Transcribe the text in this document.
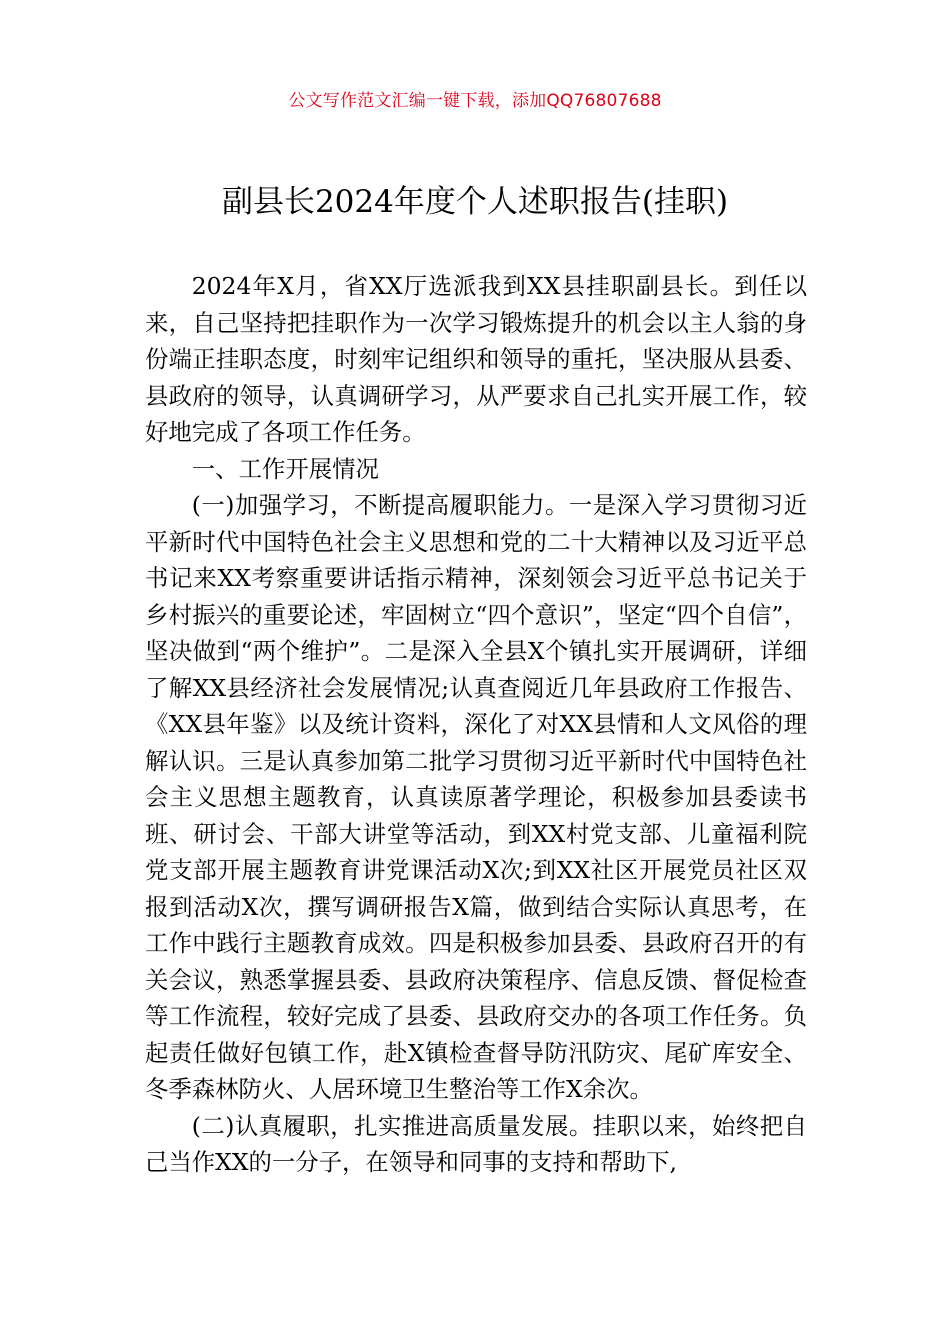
公文写作范文汇编一键下载，添加QQ76807688
副县长2024年度个人述职报告(挂职)

2024年X月，省XX厅选派我到XX县挂职副县长。到任以来，自己坚持把挂职作为一次学习锻炼提升的机会以主人翁的身份端正挂职态度，时刻牢记组织和领导的重托，坚决服从县委、县政府的领导，认真调研学习，从严要求自己扎实开展工作，较好地完成了各项工作任务。

一、工作开展情况

(一)加强学习，不断提高履职能力。一是深入学习贯彻习近平新时代中国特色社会主义思想和党的二十大精神以及习近平总书记来XX考察重要讲话指示精神，深刻领会习近平总书记关于乡村振兴的重要论述，牢固树立“四个意识”，坚定“四个自信”，坚决做到“两个维护”。二是深入全县X个镇扎实开展调研，详细了解XX县经济社会发展情况;认真查阅近几年县政府工作报告、《XX县年鉴》以及统计资料，深化了对XX县情和人文风俗的理解认识。三是认真参加第二批学习贯彻习近平新时代中国特色社会主义思想主题教育，认真读原著学理论，积极参加县委读书班、研讨会、干部大讲堂等活动，到XX村党支部、儿童福利院党支部开展主题教育讲党课活动X次;到XX社区开展党员社区双报到活动X次，撰写调研报告X篇，做到结合实际认真思考，在工作中践行主题教育成效。四是积极参加县委、县政府召开的有关会议，熟悉掌握县委、县政府决策程序、信息反馈、督促检查等工作流程，较好完成了县委、县政府交办的各项工作任务。负起责任做好包镇工作，赴X镇检查督导防汛防灾、尾矿库安全、冬季森林防火、人居环境卫生整治等工作X余次。

(二)认真履职，扎实推进高质量发展。挂职以来，始终把自己当作XX的一分子，在领导和同事的支持和帮助下,
